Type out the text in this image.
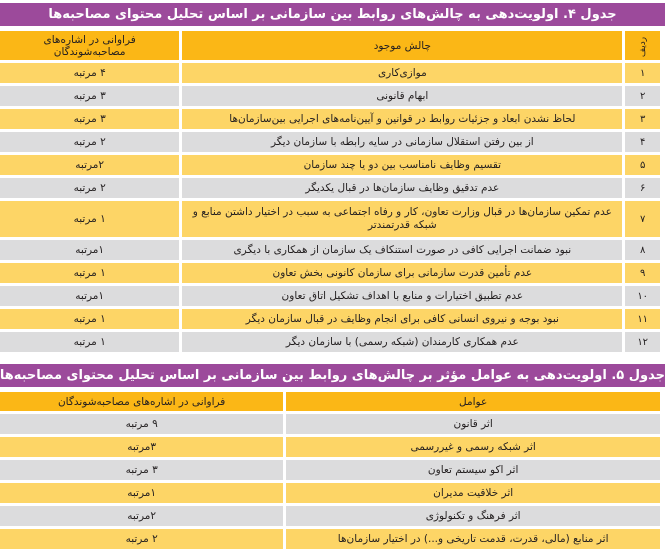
جدول ۴. اولویت‌دهی به چالش‌های روابط بین سازمانی بر اساس تحلیل محتوای مصاحبه‌ها
ردیف	چالش موجود	فراوانی در اشاره‌های مصاحبه‌شوندگان
۱	موازی‌کاری	۴ مرتبه
۲	ابهام قانونی	۳ مرتبه
۳	لحاظ نشدن ابعاد و جزئیات روابط در قوانین و آیین‌نامه‌های اجرایی بین‌سازمان‌ها	۳ مرتبه
۴	از بین رفتن استقلال سازمانی در سایه رابطه با سازمان دیگر	۲ مرتبه
۵	تقسیم وظایف نامناسب بین دو یا چند سازمان	۲مرتبه
۶	عدم تدقیق وظایف سازمان‌ها در قبال یکدیگر	۲ مرتبه
۷	عدم تمکین سازمان‌ها در قبال وزارت تعاون، کار و رفاه اجتماعی به سبب در اختیار داشتن منابع و شبکه قدرتمندتر	۱ مرتبه
۸	نبود ضمانت اجرایی کافی در صورت استنکاف یک سازمان از همکاری با دیگری	۱مرتبه
۹	عدم تأمین قدرت سازمانی برای سازمان کانونی بخش تعاون	۱ مرتبه
۱۰	عدم تطبیق اختیارات و منابع با اهداف تشکیل اتاق تعاون	۱مرتبه
۱۱	نبود بوجه و نیروی انسانی کافی برای انجام وظایف در قبال سازمان دیگر	۱ مرتبه
۱۲	عدم همکاری کارمندان (شبکه رسمی) با سازمان دیگر	۱ مرتبه
جدول ۵. اولویت‌دهی به عوامل مؤثر بر چالش‌های روابط بین سازمانی بر اساس تحلیل محتوای مصاحبه‌ها
عوامل	فراوانی در اشاره‌های مصاحبه‌شوندگان
اثر قانون	۹ مرتبه
اثر شبکه رسمی و غیررسمی	۳مرتبه
اثر اکو سیستم تعاون	۳ مرتبه
اثر خلاقیت مدیران	۱مرتبه
اثر فرهنگ و تکنولوژی	۲مرتبه
اثر منابع (مالی، قدرت، قدمت تاریخی و...) در اختیار سازمان‌ها	۲ مرتبه
